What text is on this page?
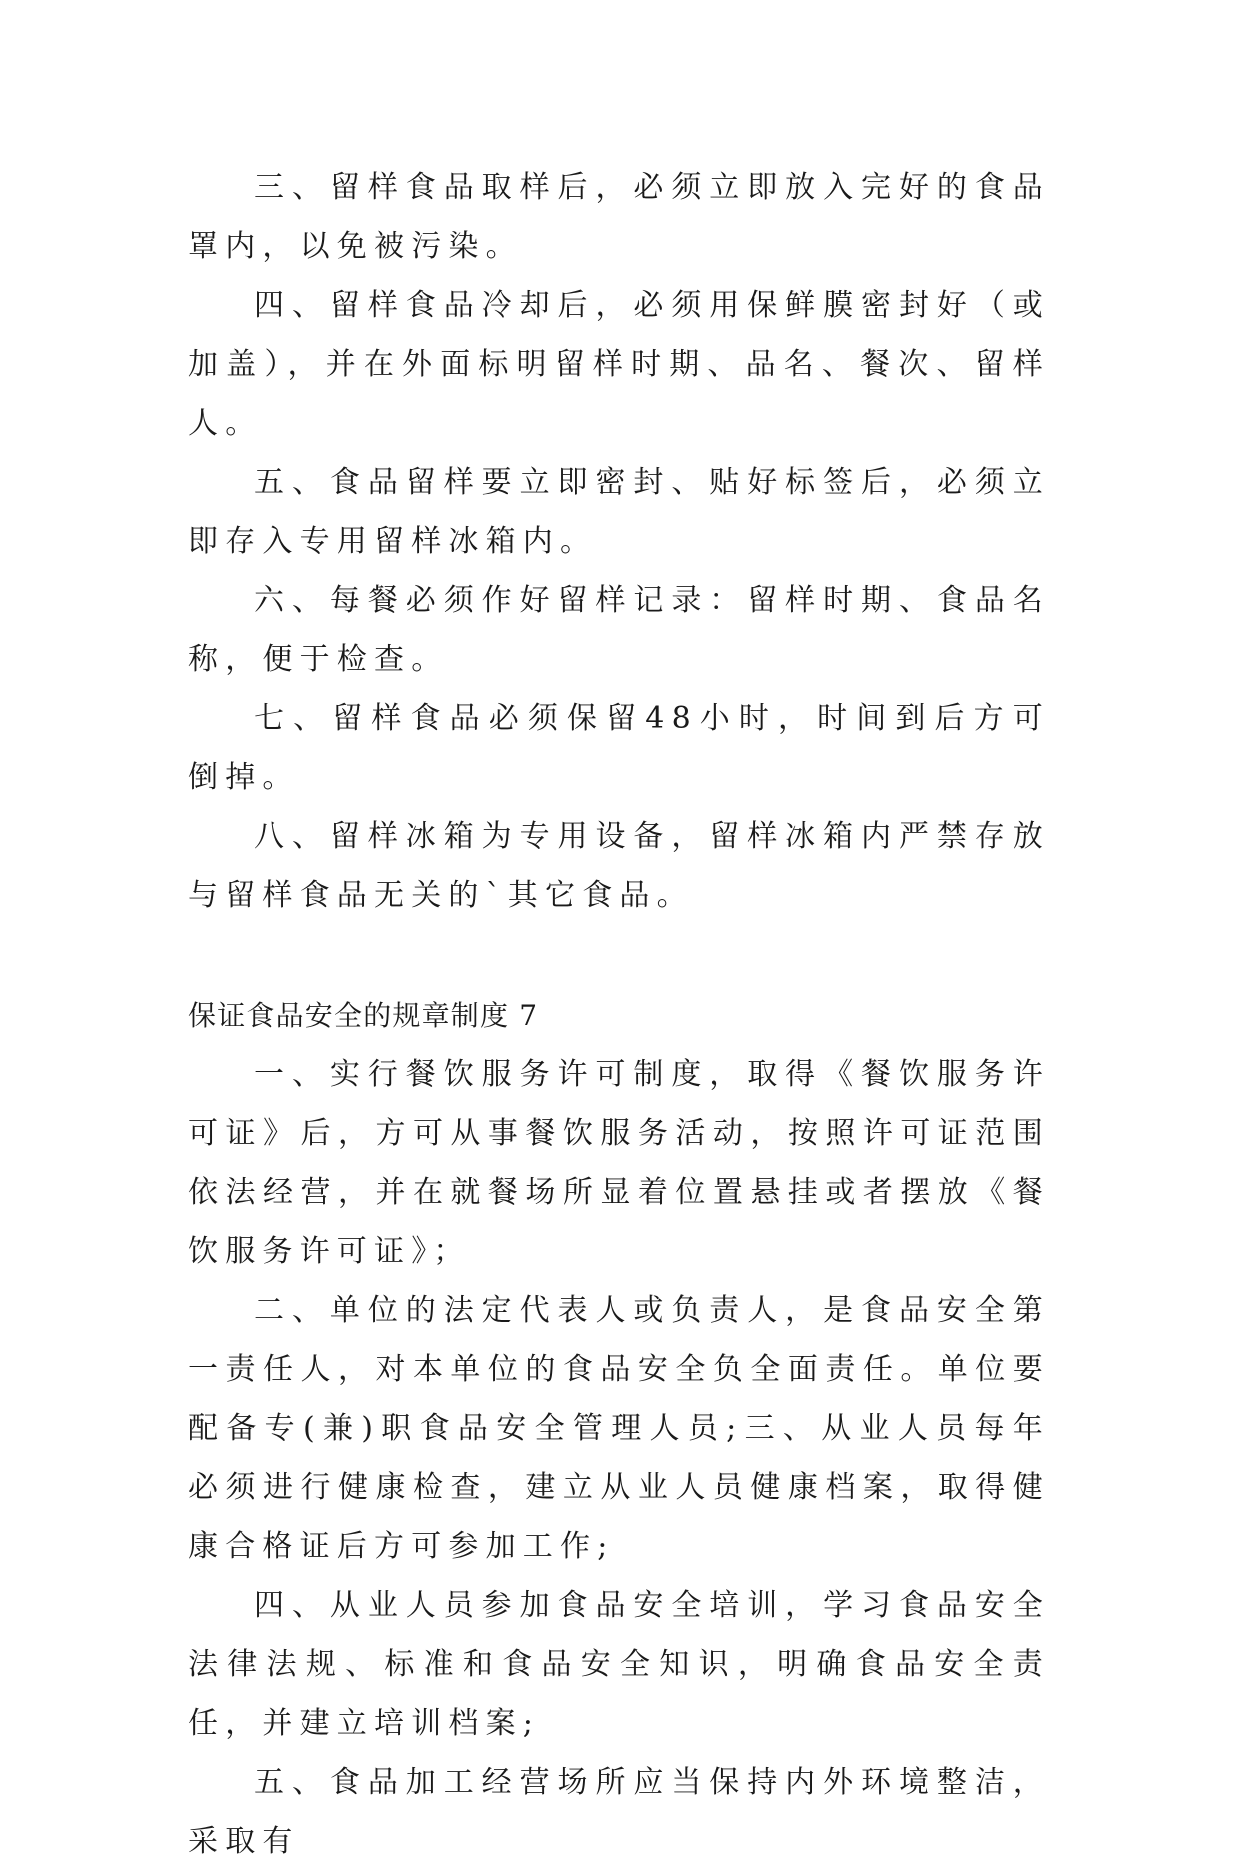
三、留样食品取样后，必须立即放入完好的食品罩内，以免被污染。

四、留样食品冷却后，必须用保鲜膜密封好（或加盖），并在外面标明留样时期、品名、餐次、留样人。

五、食品留样要立即密封、贴好标签后，必须立即存入专用留样冰箱内。

六、每餐必须作好留样记录：留样时期、食品名称，便于检查。

七、留样食品必须保留48小时，时间到后方可倒掉。

八、留样冰箱为专用设备，留样冰箱内严禁存放与留样食品无关的`其它食品。

保证食品安全的规章制度 7

一、实行餐饮服务许可制度，取得《餐饮服务许可证》后，方可从事餐饮服务活动，按照许可证范围依法经营，并在就餐场所显着位置悬挂或者摆放《餐饮服务许可证》；

二、单位的法定代表人或负责人，是食品安全第一责任人，对本单位的食品安全负全面责任。单位要配备专(兼)职食品安全管理人员;三、从业人员每年必须进行健康检查，建立从业人员健康档案，取得健康合格证后方可参加工作;

四、从业人员参加食品安全培训，学习食品安全法律法规、标准和食品安全知识，明确食品安全责任，并建立培训档案;

五、食品加工经营场所应当保持内外环境整洁，采取有
